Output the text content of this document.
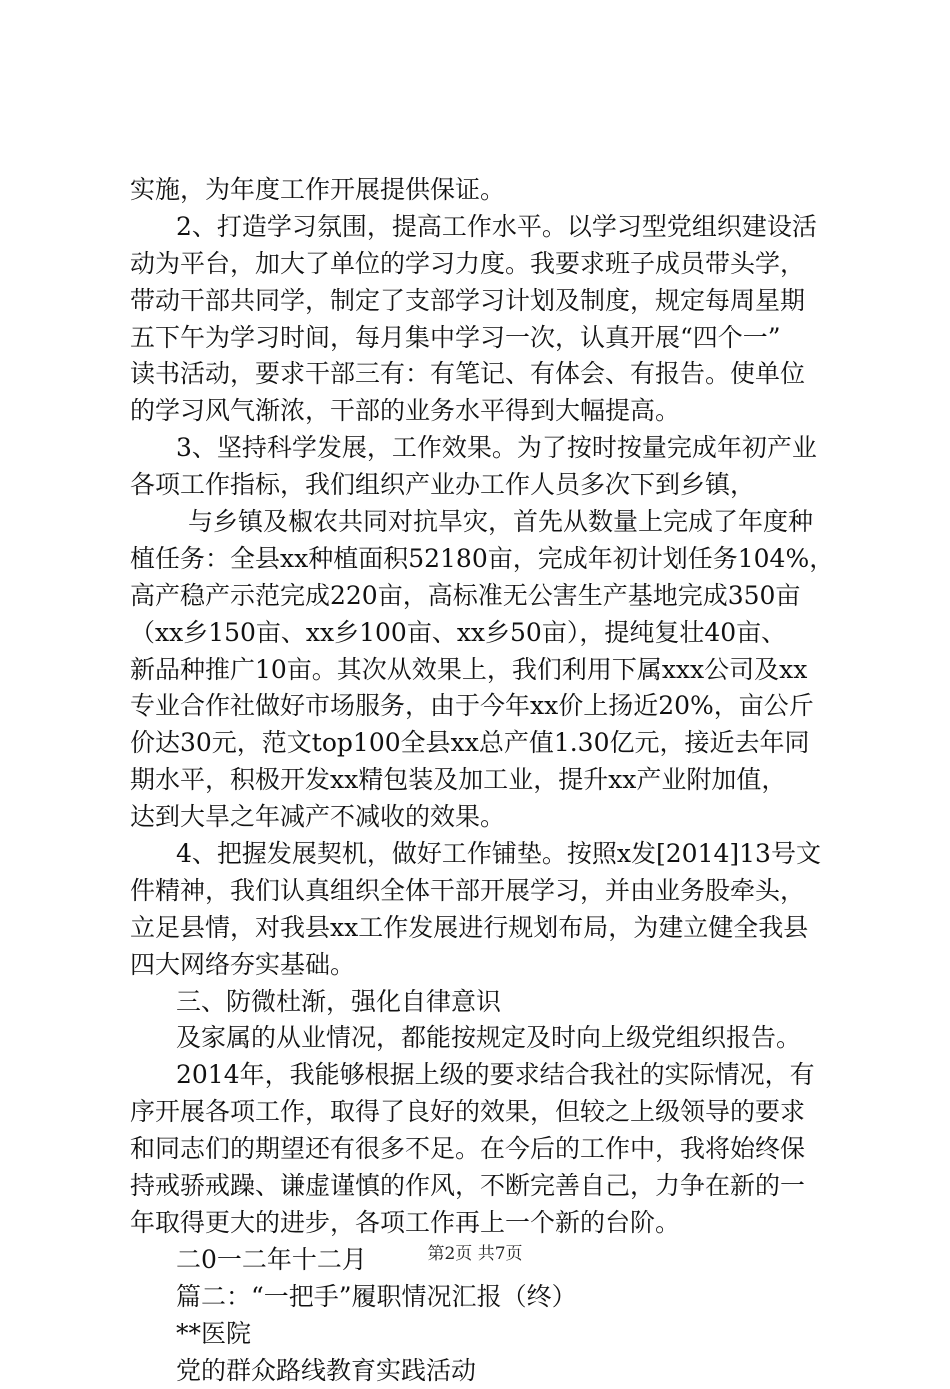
实施，为年度工作开展提供保证。
2、打造学习氛围，提高工作水平。以学习型党组织建设活
动为平台，加大了单位的学习力度。我要求班子成员带头学，
带动干部共同学，制定了支部学习计划及制度，规定每周星期
五下午为学习时间，每月集中学习一次，认真开展“四个一”
读书活动，要求干部三有：有笔记、有体会、有报告。使单位
的学习风气渐浓，干部的业务水平得到大幅提高。
3、坚持科学发展，工作效果。为了按时按量完成年初产业
各项工作指标，我们组织产业办工作人员多次下到乡镇，
与乡镇及椒农共同对抗旱灾，首先从数量上完成了年度种
植任务：全县xx种植面积52180亩，完成年初计划任务104%，
高产稳产示范完成220亩，高标准无公害生产基地完成350亩
（xx乡150亩、xx乡100亩、xx乡50亩），提纯复壮40亩、
新品种推广10亩。其次从效果上，我们利用下属xxx公司及xx
专业合作社做好市场服务，由于今年xx价上扬近20%，亩公斤
价达30元，范文top100全县xx总产值1.30亿元，接近去年同
期水平，积极开发xx精包装及加工业，提升xx产业附加值，
达到大旱之年减产不减收的效果。
4、把握发展契机，做好工作铺垫。按照x发[2014]13号文
件精神，我们认真组织全体干部开展学习，并由业务股牵头，
立足县情，对我县xx工作发展进行规划布局，为建立健全我县
四大网络夯实基础。
三、防微杜渐，强化自律意识
及家属的从业情况，都能按规定及时向上级党组织报告。
2014年，我能够根据上级的要求结合我社的实际情况，有
序开展各项工作，取得了良好的效果，但较之上级领导的要求
和同志们的期望还有很多不足。在今后的工作中，我将始终保
持戒骄戒躁、谦虚谨慎的作风，不断完善自己，力争在新的一
年取得更大的进步，各项工作再上一个新的台阶。
二0一二年十二月
篇二：“一把手”履职情况汇报（终）
**医院
党的群众路线教育实践活动
第2页 共7页
